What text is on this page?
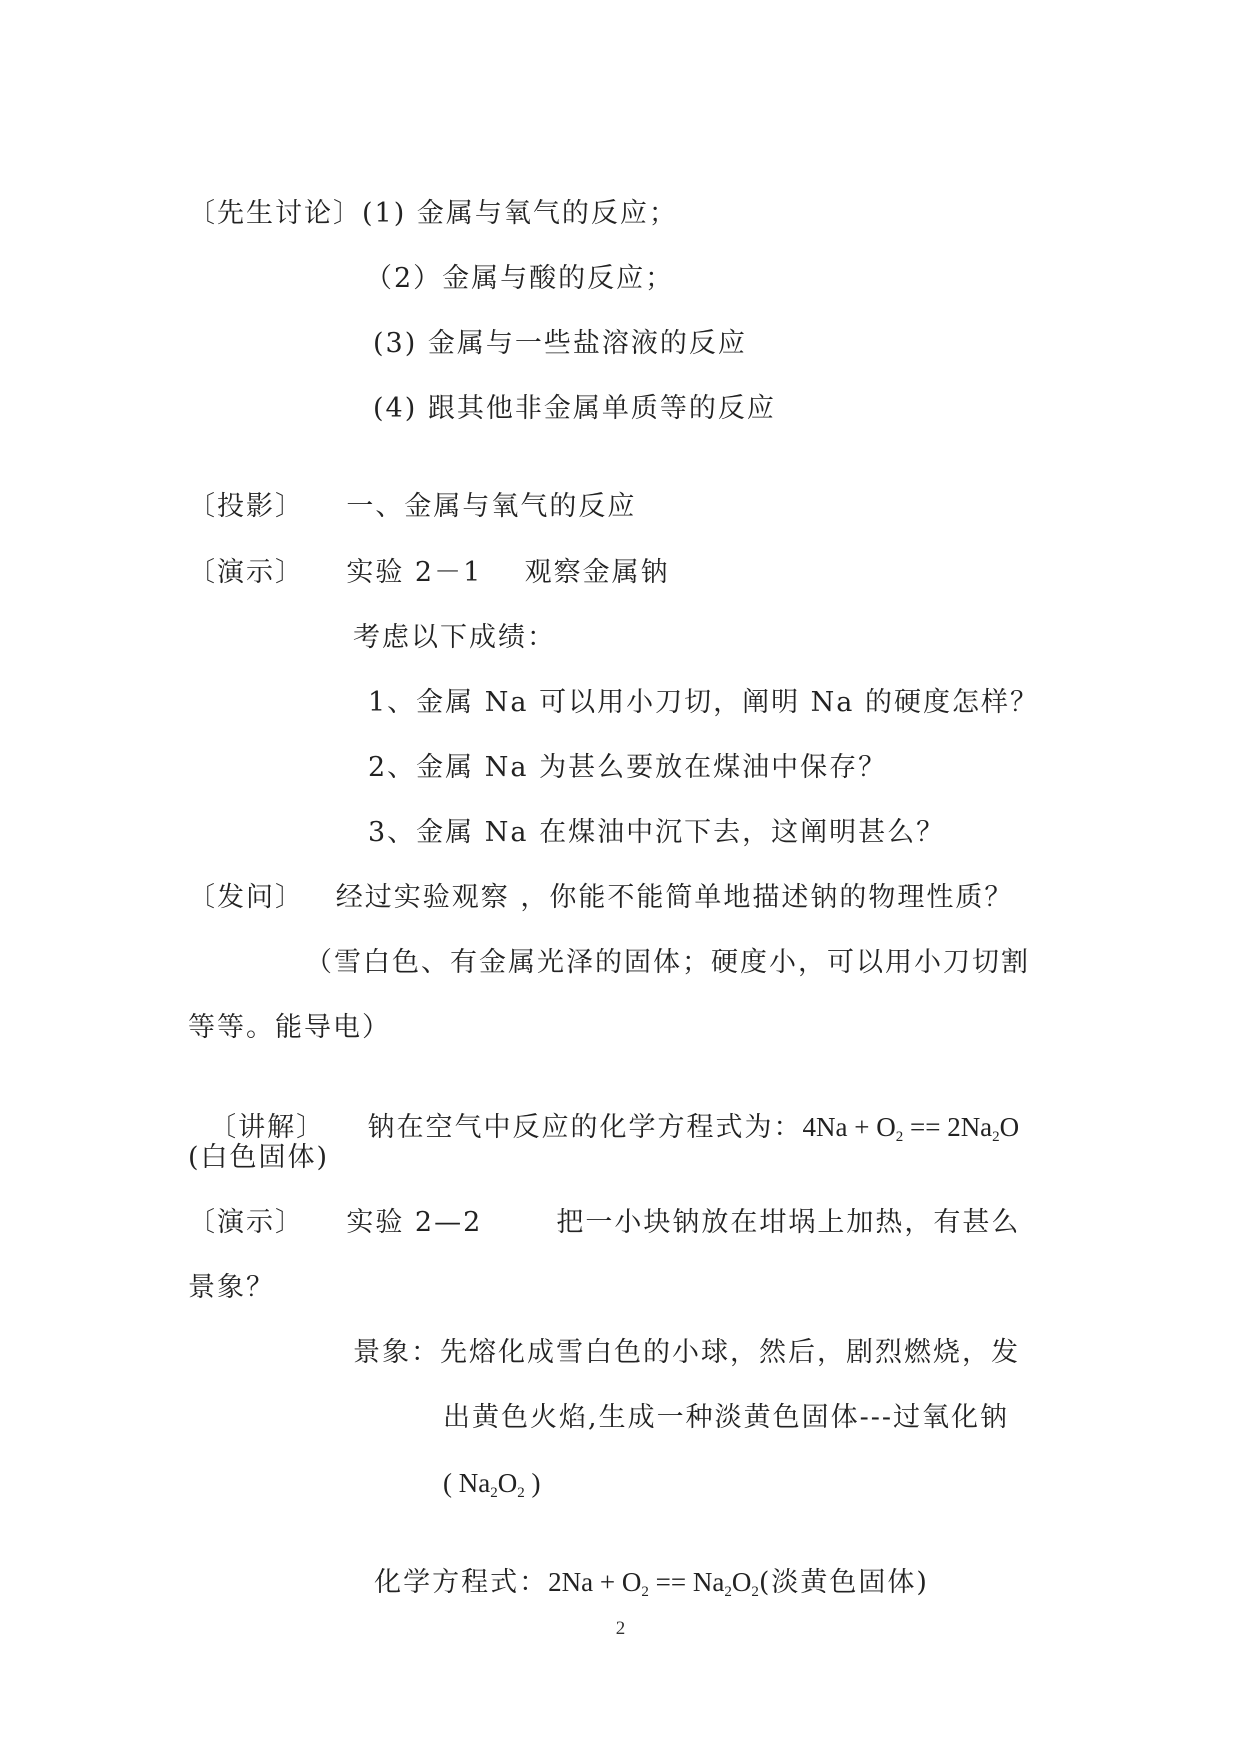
〔先生讨论〕(1) 金属与氧气的反应；
（2）金属与酸的反应；
(3) 金属与一些盐溶液的反应
(4) 跟其他非金属单质等的反应
〔投影〕    一、金属与氧气的反应
〔演示〕    实验 2－1    观察金属钠
考虑以下成绩：
1、金属 Na 可以用小刀切，阐明 Na 的硬度怎样？
2、金属 Na 为甚么要放在煤油中保存？
3、金属 Na 在煤油中沉下去，这阐明甚么？
〔发问〕   经过实验观察 ，你能不能简单地描述钠的物理性质？
（雪白色、有金属光泽的固体；硬度小，可以用小刀切割
等等。能导电）

〔讲解〕    钠在空气中反应的化学方程式为：$4Na + O_2 == 2Na_2O$

(白色固体)
〔演示〕    实验 2—2       把一小块钠放在坩埚上加热，有甚么
景象？
景象：先熔化成雪白色的小球，然后，剧烈燃烧，发
出黄色火焰,生成一种淡黄色固体---过氧化钠
( $Na_2O_2$ )

化学方程式：$2Na + O_2 == Na_2O_2$(淡黄色固体)

2
